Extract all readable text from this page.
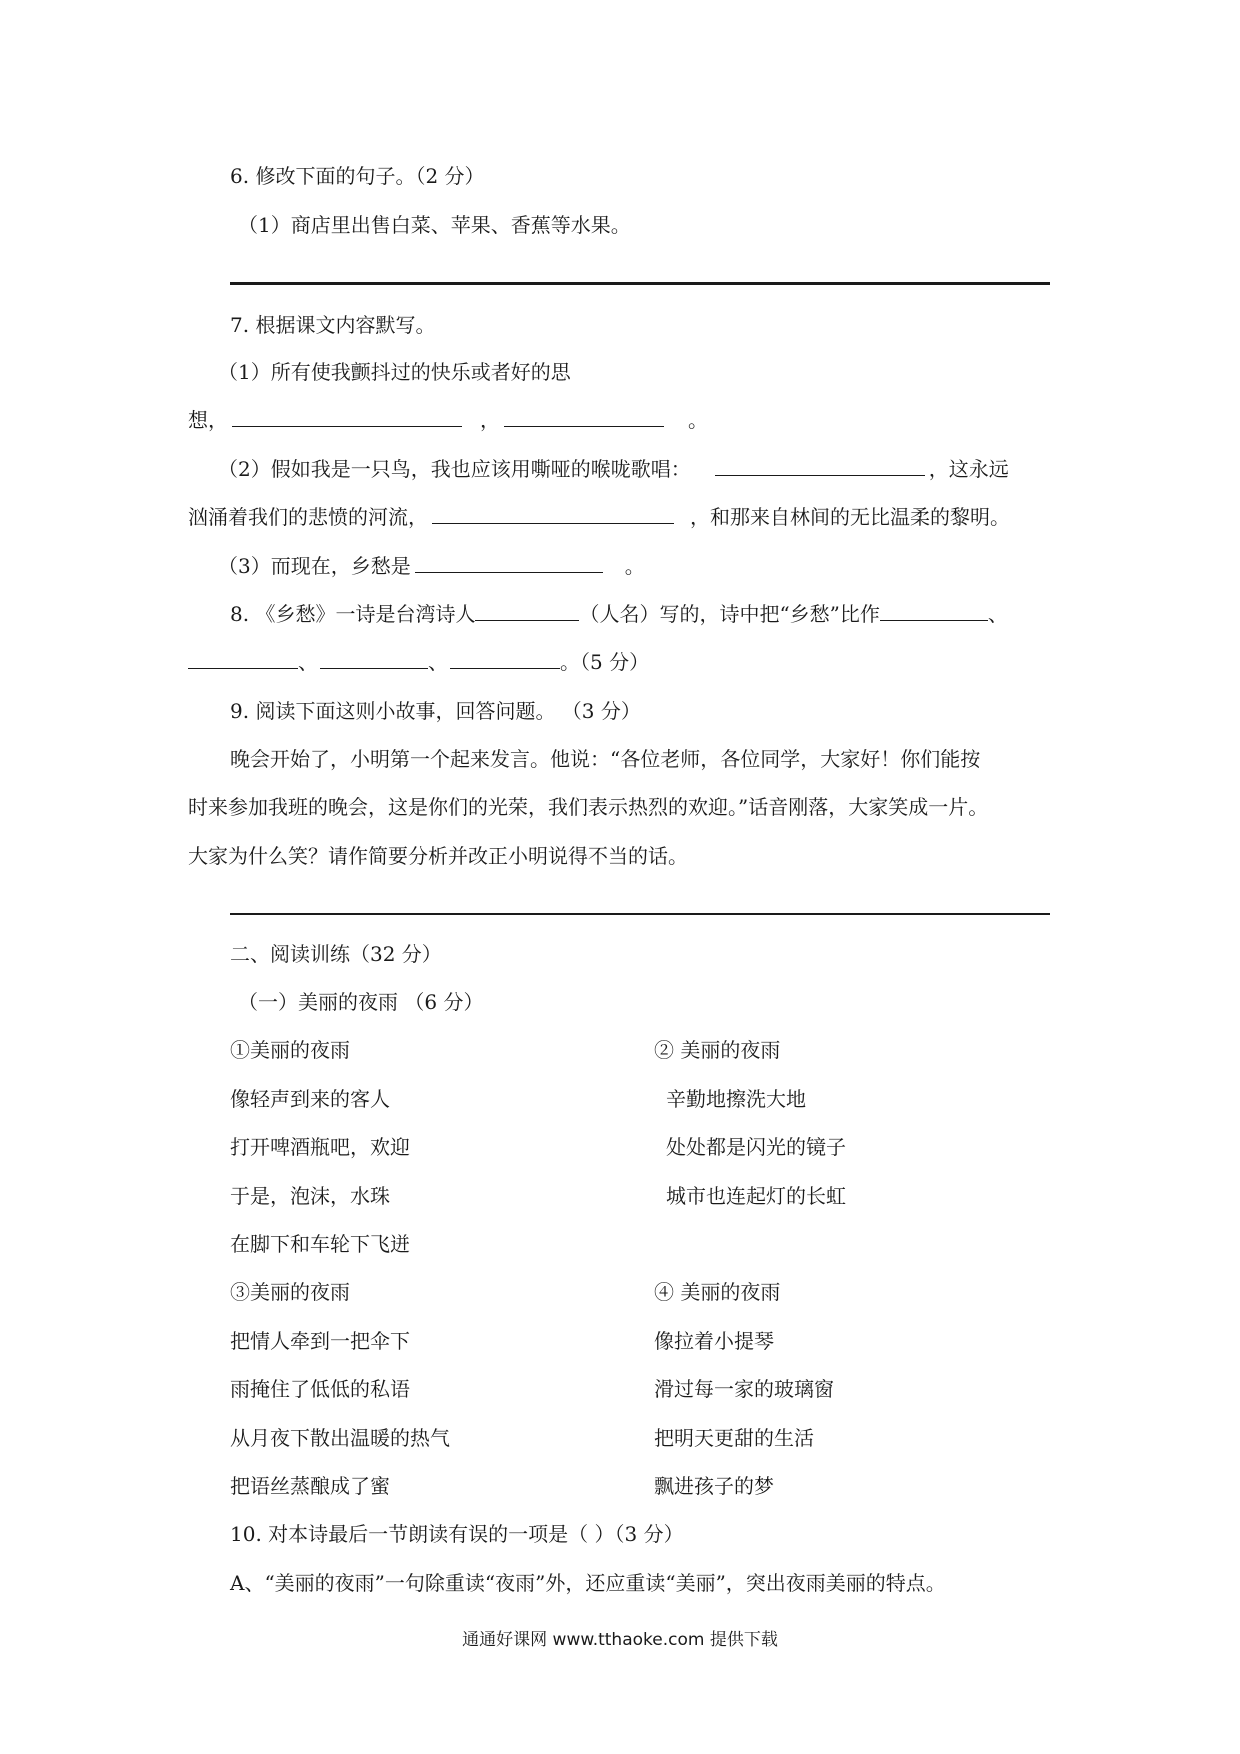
6. 修改下面的句子。（2 分）
（1）商店里出售白菜、苹果、香蕉等水果。
7. 根据课文内容默写。
（1）所有使我颤抖过的快乐或者好的思
想，	，	。
（2）假如我是一只鸟，我也应该用嘶哑的喉咙歌唱：	，这永远
汹涌着我们的悲愤的河流，	，和那来自林间的无比温柔的黎明。
（3）而现在，乡愁是	。
8. 《乡愁》一诗是台湾诗人	（人名）写的，诗中把“乡愁”比作	、
、	、	。（5 分）
9. 阅读下面这则小故事，回答问题。 （3 分）
晚会开始了，小明第一个起来发言。他说：“各位老师，各位同学，大家好！你们能按
时来参加我班的晚会，这是你们的光荣，我们表示热烈的欢迎。”话音刚落，大家笑成一片。
大家为什么笑？请作简要分析并改正小明说得不当的话。
二、阅读训练（32 分）
（一）美丽的夜雨 （6 分）
①美丽的夜雨
像轻声到来的客人
打开啤酒瓶吧，欢迎
于是，泡沫，水珠
在脚下和车轮下飞迸
② 美丽的夜雨
辛勤地擦洗大地
处处都是闪光的镜子
城市也连起灯的长虹
③美丽的夜雨
把情人牵到一把伞下
雨掩住了低低的私语
从月夜下散出温暖的热气
把语丝蒸酿成了蜜
④ 美丽的夜雨
像拉着小提琴
滑过每一家的玻璃窗
把明天更甜的生活
飘进孩子的梦
10. 对本诗最后一节朗读有误的一项是（ ）（3 分）
A、“美丽的夜雨”一句除重读“夜雨”外，还应重读“美丽”，突出夜雨美丽的特点。
通通好课网 www.tthaoke.com 提供下载
